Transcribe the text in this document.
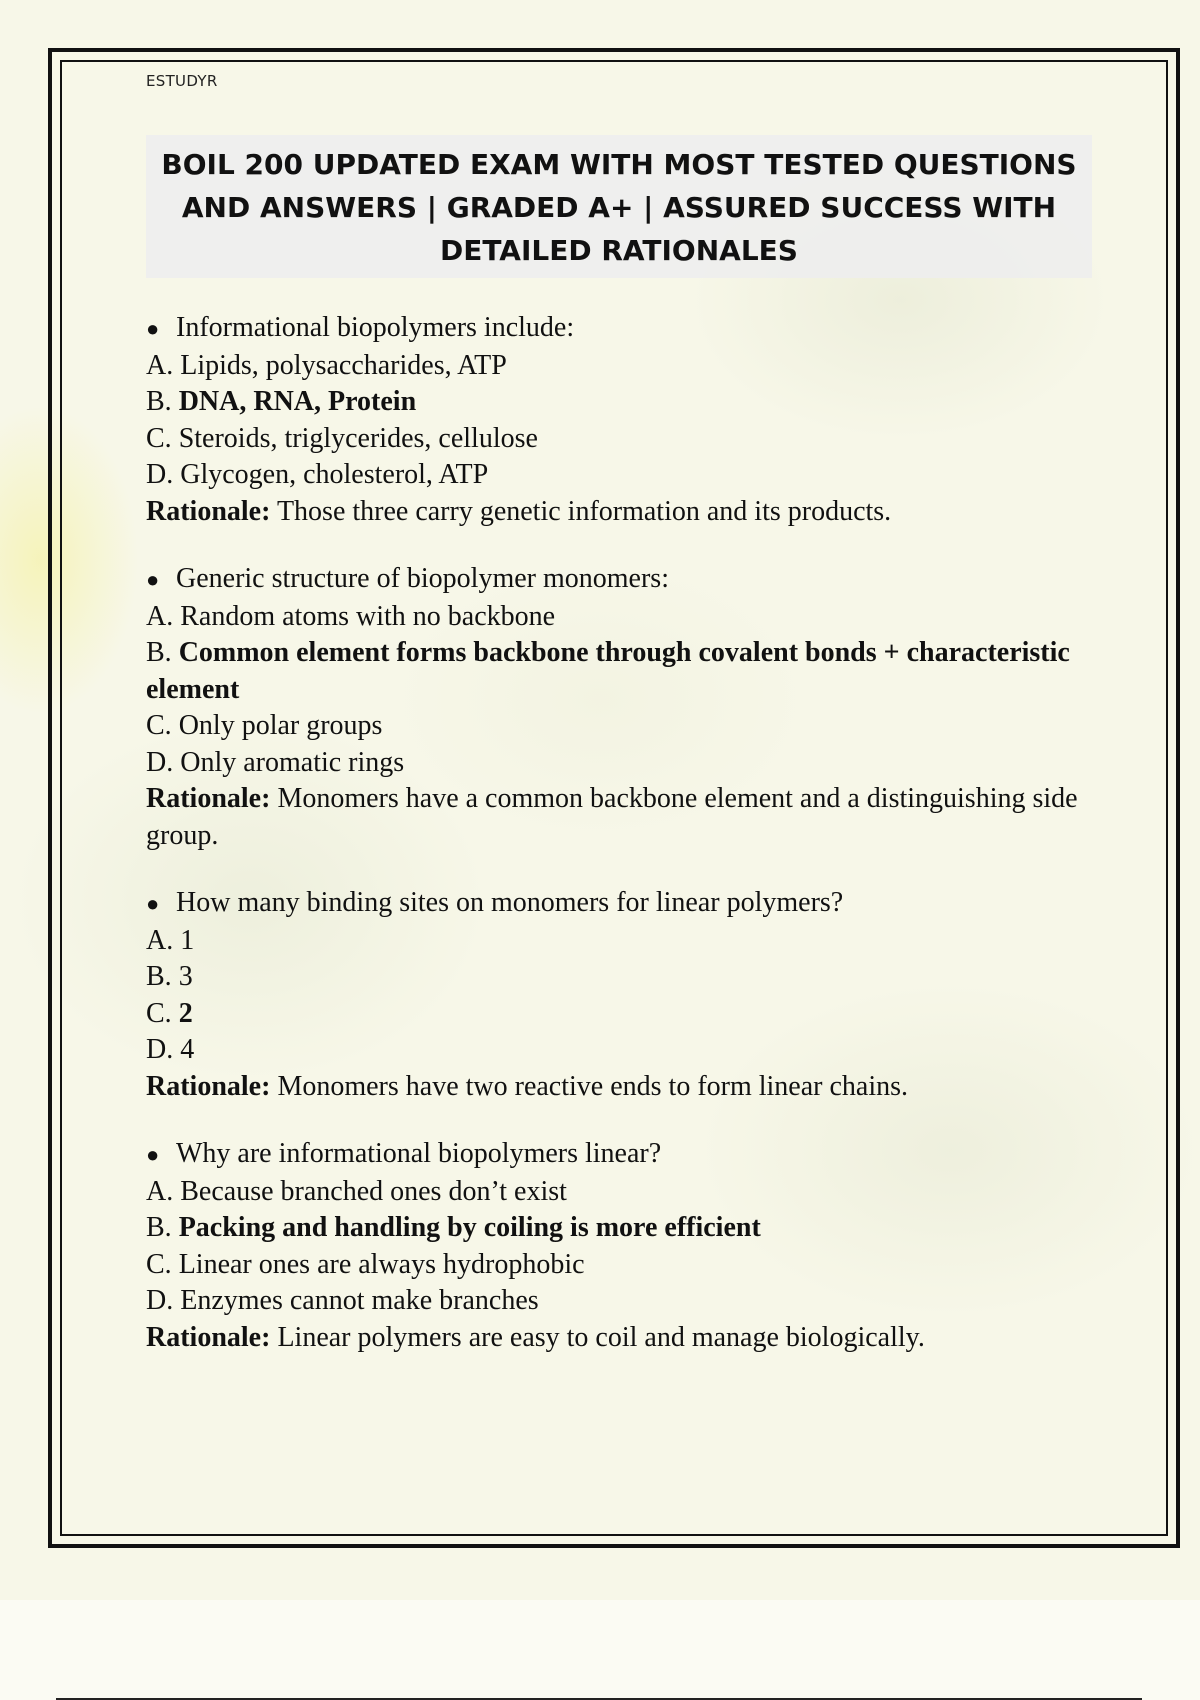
ESTUDYR
BOIL 200 UPDATED EXAM WITH MOST TESTED QUESTIONS
AND ANSWERS | GRADED A+ | ASSURED SUCCESS WITH
DETAILED RATIONALES
● Informational biopolymers include:
A. Lipids, polysaccharides, ATP
B. DNA, RNA, Protein
C. Steroids, triglycerides, cellulose
D. Glycogen, cholesterol, ATP
Rationale: Those three carry genetic information and its products.
● Generic structure of biopolymer monomers:
A. Random atoms with no backbone
B. Common element forms backbone through covalent bonds + characteristic element
C. Only polar groups
D. Only aromatic rings
Rationale: Monomers have a common backbone element and a distinguishing side group.
● How many binding sites on monomers for linear polymers?
A. 1
B. 3
C. 2
D. 4
Rationale: Monomers have two reactive ends to form linear chains.
● Why are informational biopolymers linear?
A. Because branched ones don’t exist
B. Packing and handling by coiling is more efficient
C. Linear ones are always hydrophobic
D. Enzymes cannot make branches
Rationale: Linear polymers are easy to coil and manage biologically.
